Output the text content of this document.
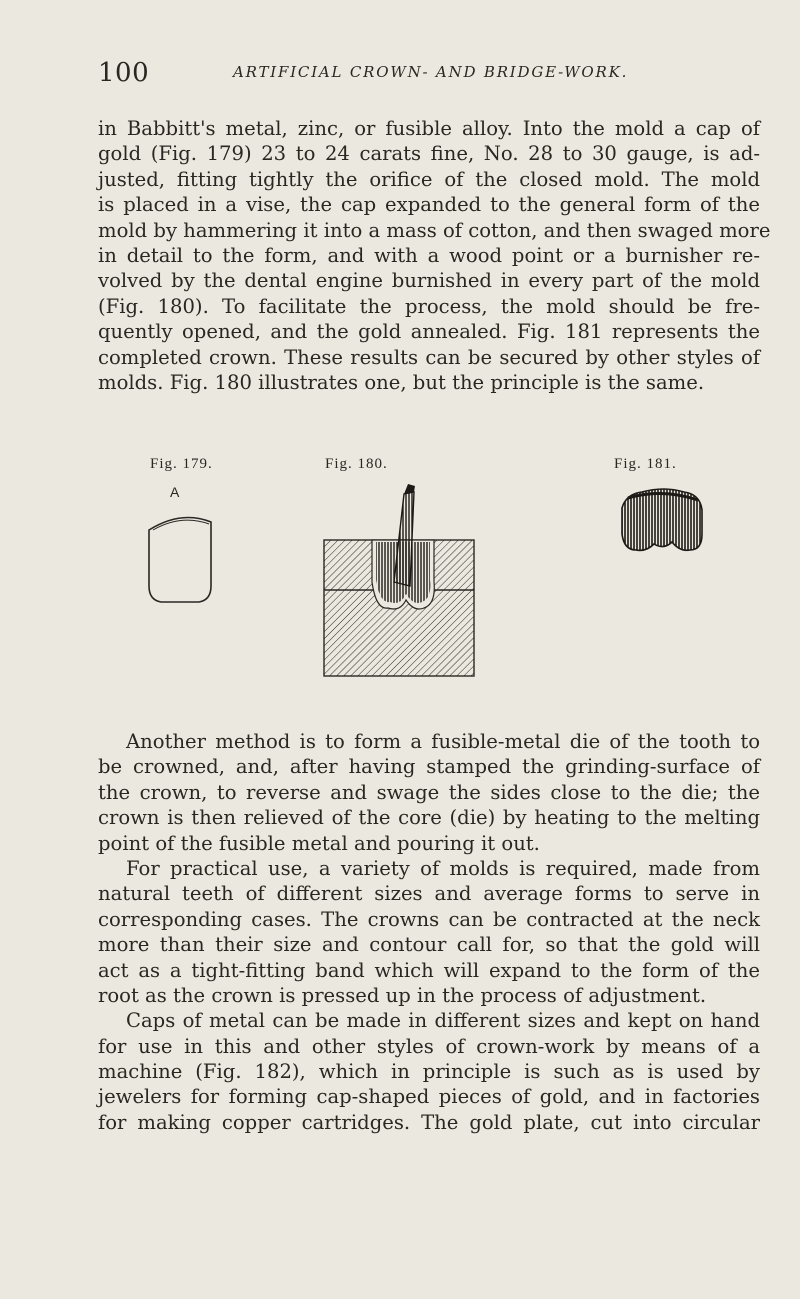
100	ARTIFICIAL CROWN- AND BRIDGE-WORK.
in Babbitt's metal, zinc, or fusible alloy. Into the mold a cap of
gold (Fig. 179) 23 to 24 carats fine, No. 28 to 30 gauge, is ad-
justed, fitting tightly the orifice of the closed mold. The mold
is placed in a vise, the cap expanded to the general form of the
mold by hammering it into a mass of cotton, and then swaged more
in detail to the form, and with a wood point or a burnisher re-
volved by the dental engine burnished in every part of the mold
(Fig. 180). To facilitate the process, the mold should be fre-
quently opened, and the gold annealed. Fig. 181 represents the
completed crown. These results can be secured by other styles of
molds. Fig. 180 illustrates one, but the principle is the same.
Fig. 179.	Fig. 180.	Fig. 181.
A
Another method is to form a fusible-metal die of the tooth to
be crowned, and, after having stamped the grinding-surface of
the crown, to reverse and swage the sides close to the die; the
crown is then relieved of the core (die) by heating to the melting
point of the fusible metal and pouring it out.
For practical use, a variety of molds is required, made from
natural teeth of different sizes and average forms to serve in
corresponding cases. The crowns can be contracted at the neck
more than their size and contour call for, so that the gold will
act as a tight-fitting band which will expand to the form of the
root as the crown is pressed up in the process of adjustment.
Caps of metal can be made in different sizes and kept on hand
for use in this and other styles of crown-work by means of a
machine (Fig. 182), which in principle is such as is used by
jewelers for forming cap-shaped pieces of gold, and in factories
for making copper cartridges. The gold plate, cut into circular
